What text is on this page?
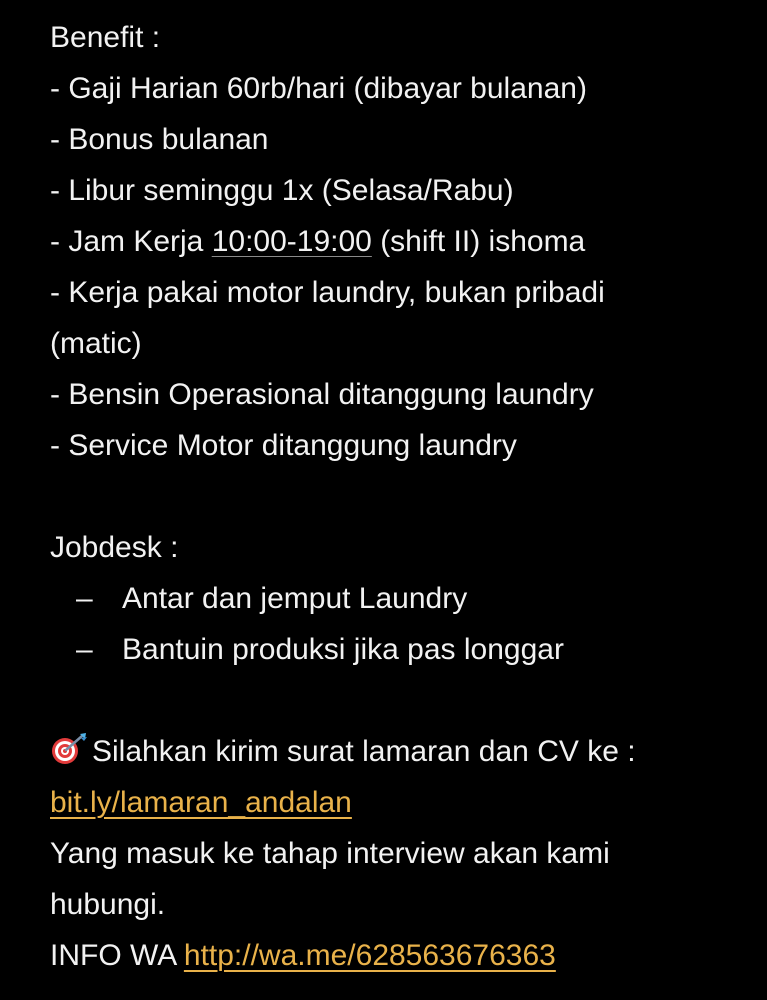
Benefit :
- Gaji Harian 60rb/hari (dibayar bulanan)
- Bonus bulanan
- Libur seminggu 1x (Selasa/Rabu)
- Jam Kerja 10:00-19:00 (shift II) ishoma
- Kerja pakai motor laundry, bukan pribadi
(matic)
- Bensin Operasional ditanggung laundry
- Service Motor ditanggung laundry
Jobdesk :
– Antar dan jemput Laundry
– Bantuin produksi jika pas longgar
Silahkan kirim surat lamaran dan CV ke :
bit.ly/lamaran_andalan
Yang masuk ke tahap interview akan kami
hubungi.
INFO WA http://wa.me/628563676363
